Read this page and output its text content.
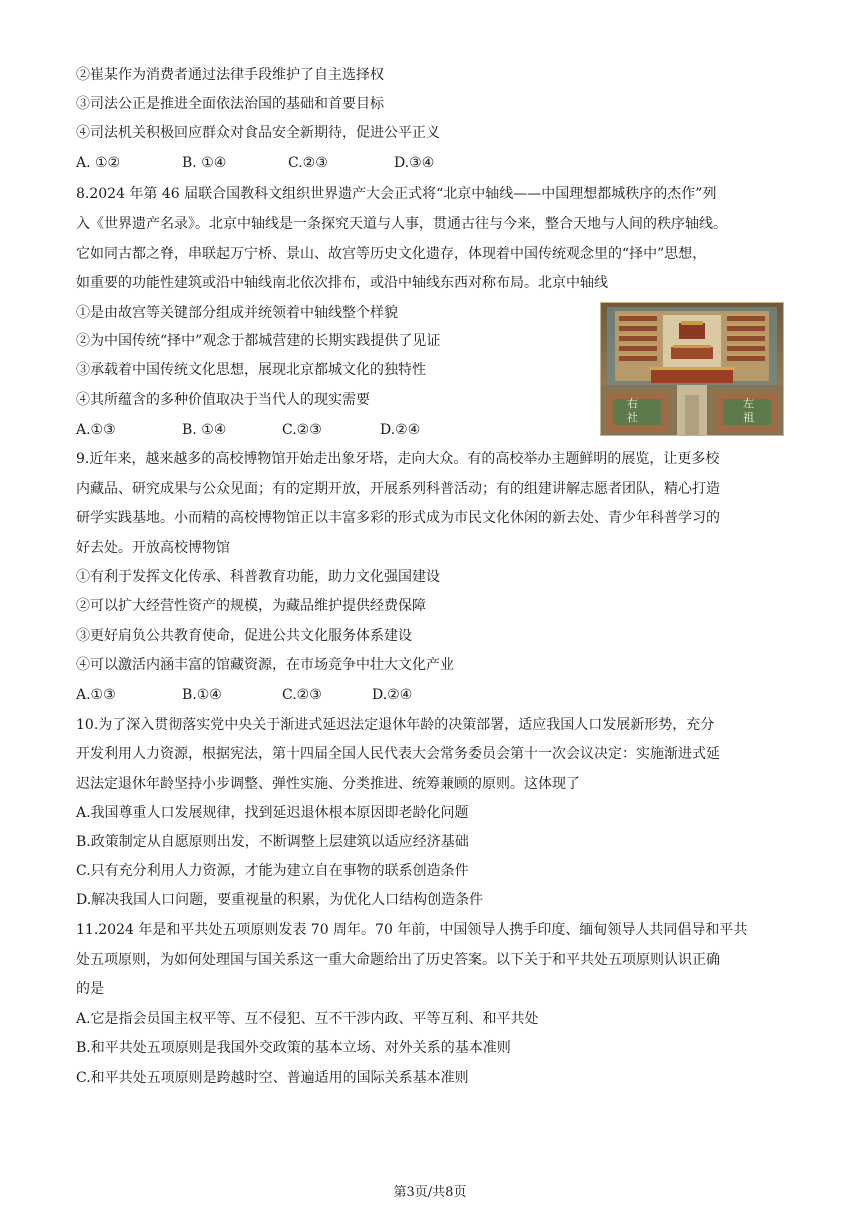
②崔某作为消费者通过法律手段维护了自主选择权
③司法公正是推进全面依法治国的基础和首要目标
④司法机关积极回应群众对食品安全新期待，促进公平正义
A. ①②	B. ①④	C.②③	D.③④
8.2024 年第 46 届联合国教科文组织世界遗产大会正式将“北京中轴线——中国理想都城秩序的杰作”列
入《世界遗产名录》。北京中轴线是一条探究天道与人事，贯通古往与今来，整合天地与人间的秩序轴线。
它如同古都之脊，串联起万宁桥、景山、故宫等历史文化遗存，体现着中国传统观念里的“择中”思想，
如重要的功能性建筑或沿中轴线南北依次排布，或沿中轴线东西对称布局。北京中轴线
①是由故宫等关键部分组成并统领着中轴线整个样貌
②为中国传统“择中”观念于都城营建的长期实践提供了见证
③承载着中国传统文化思想，展现北京都城文化的独特性
④其所蕴含的多种价值取决于当代人的现实需要
A.①③	B. ①④	C.②③	D.②④
右
社
左
祖
9.近年来，越来越多的高校博物馆开始走出象牙塔，走向大众。有的高校举办主题鲜明的展览，让更多校
内藏品、研究成果与公众见面；有的定期开放，开展系列科普活动；有的组建讲解志愿者团队，精心打造
研学实践基地。小而精的高校博物馆正以丰富多彩的形式成为市民文化休闲的新去处、青少年科普学习的
好去处。开放高校博物馆
①有利于发挥文化传承、科普教育功能，助力文化强国建设
②可以扩大经营性资产的规模，为藏品维护提供经费保障
③更好肩负公共教育使命，促进公共文化服务体系建设
④可以激活内涵丰富的馆藏资源，在市场竞争中壮大文化产业
A.①③	B.①④	C.②③	D.②④
10.为了深入贯彻落实党中央关于渐进式延迟法定退休年龄的决策部署，适应我国人口发展新形势，充分
开发利用人力资源，根据宪法，第十四届全国人民代表大会常务委员会第十一次会议决定：实施渐进式延
迟法定退休年龄坚持小步调整、弹性实施、分类推进、统筹兼顾的原则。这体现了
A.我国尊重人口发展规律，找到延迟退休根本原因即老龄化问题
B.政策制定从自愿原则出发，不断调整上层建筑以适应经济基础
C.只有充分利用人力资源，才能为建立自在事物的联系创造条件
D.解决我国人口问题，要重视量的积累，为优化人口结构创造条件
11.2024 年是和平共处五项原则发表 70 周年。70 年前，中国领导人携手印度、缅甸领导人共同倡导和平共
处五项原则，为如何处理国与国关系这一重大命题给出了历史答案。以下关于和平共处五项原则认识正确
的是
A.它是指会员国主权平等、互不侵犯、互不干涉内政、平等互利、和平共处
B.和平共处五项原则是我国外交政策的基本立场、对外关系的基本准则
C.和平共处五项原则是跨越时空、普遍适用的国际关系基本准则
第3页/共8页
